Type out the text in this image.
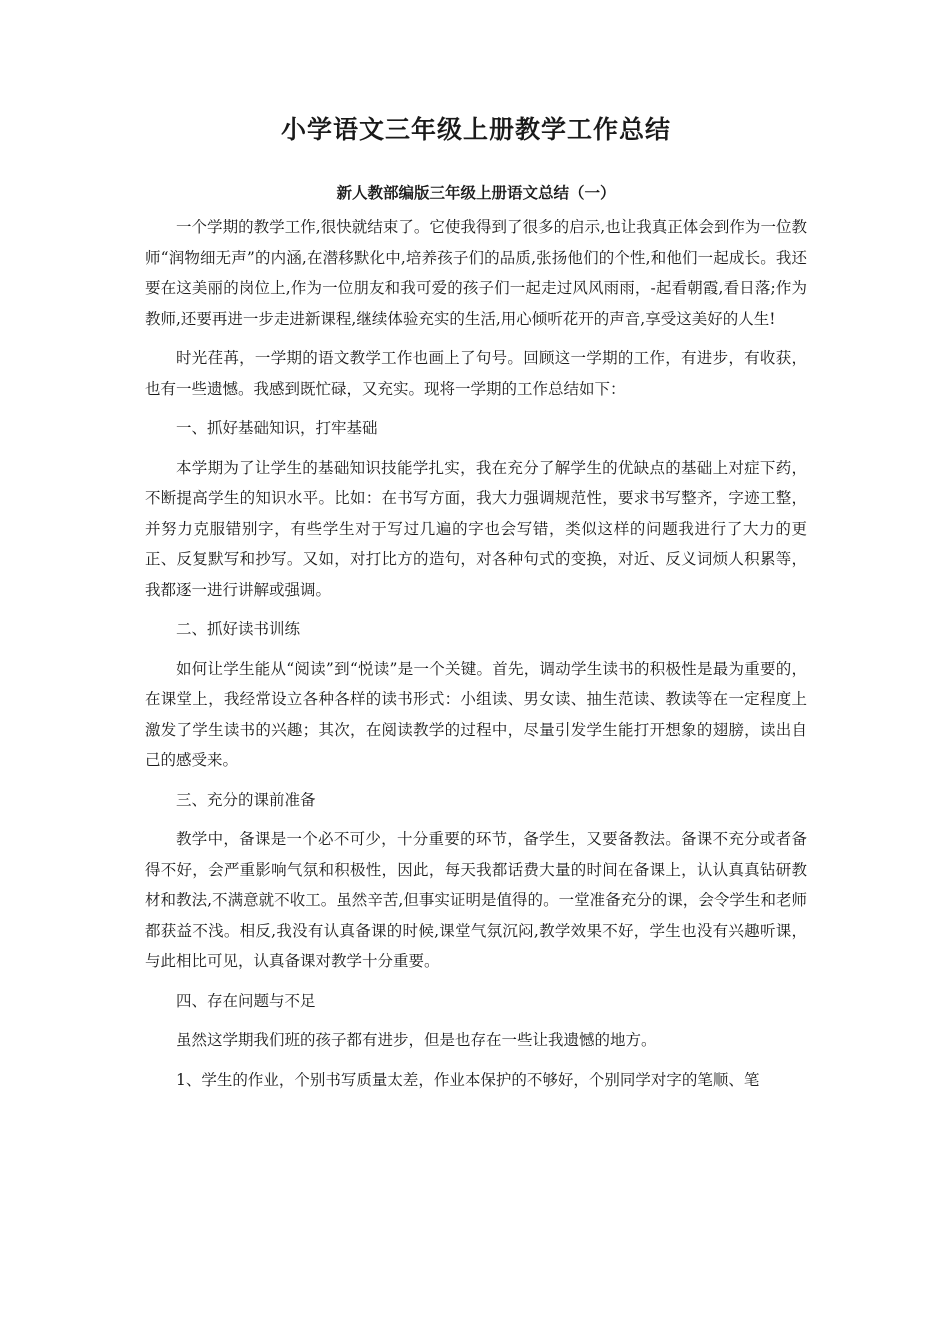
小学语文三年级上册教学工作总结
新人教部编版三年级上册语文总结（一）

一个学期的教学工作,很快就结束了。它使我得到了很多的启示,也让我真正体会到作为一位教师“润物细无声”的内涵,在潜移默化中,培养孩子们的品质,张扬他们的个性,和他们一起成长。我还要在这美丽的岗位上,作为一位朋友和我可爱的孩子们一起走过风风雨雨，-起看朝霞,看日落;作为教师,还要再进一步走进新课程,继续体验充实的生活,用心倾听花开的声音,享受这美好的人生!

时光荏苒，一学期的语文教学工作也画上了句号。回顾这一学期的工作，有进步，有收获，也有一些遗憾。我感到既忙碌，又充实。现将一学期的工作总结如下：

一、抓好基础知识，打牢基础

本学期为了让学生的基础知识技能学扎实，我在充分了解学生的优缺点的基础上对症下药，不断提高学生的知识水平。比如：在书写方面，我大力强调规范性，要求书写整齐，字迹工整，并努力克服错别字，有些学生对于写过几遍的字也会写错，类似这样的问题我进行了大力的更正、反复默写和抄写。又如，对打比方的造句，对各种句式的变换，对近、反义词烦人积累等，我都逐一进行讲解或强调。

二、抓好读书训练

如何让学生能从“阅读”到“悦读”是一个关键。首先，调动学生读书的积极性是最为重要的，在课堂上，我经常设立各种各样的读书形式：小组读、男女读、抽生范读、教读等在一定程度上激发了学生读书的兴趣；其次，在阅读教学的过程中，尽量引发学生能打开想象的翅膀，读出自己的感受来。

三、充分的课前准备

教学中，备课是一个必不可少，十分重要的环节，备学生，又要备教法。备课不充分或者备得不好，会严重影响气氛和积极性，因此，每天我都话费大量的时间在备课上，认认真真钻研教材和教法,不满意就不收工。虽然辛苦,但事实证明是值得的。一堂准备充分的课，会令学生和老师都获益不浅。相反,我没有认真备课的时候,课堂气氛沉闷,教学效果不好，学生也没有兴趣听课，与此相比可见，认真备课对教学十分重要。

四、存在问题与不足

虽然这学期我们班的孩子都有进步，但是也存在一些让我遗憾的地方。

1、学生的作业，个别书写质量太差，作业本保护的不够好，个别同学对字的笔顺、笔
